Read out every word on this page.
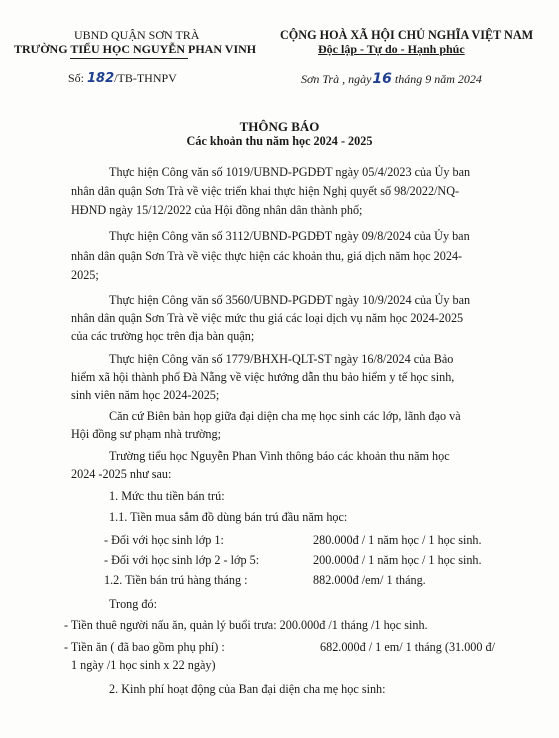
UBND QUẬN SƠN TRÀ
TRƯỜNG TIỂU HỌC NGUYỄN PHAN VINH
CỘNG HOÀ XÃ HỘI CHỦ NGHĨA VIỆT NAM
Độc lập - Tự do - Hạnh phúc
Số: 182/TB-THNPV	Sơn Trà , ngày16 tháng 9 năm 2024
THÔNG BÁO
Các khoản thu năm học 2024 - 2025
Thực hiện Công văn số 1019/UBND-PGDĐT ngày 05/4/2023 của Ủy ban
nhân dân quận Sơn Trà về việc triển khai thực hiện Nghị quyết số 98/2022/NQ-
HĐND ngày 15/12/2022 của Hội đồng nhân dân thành phố;
Thực hiện Công văn số 3112/UBND-PGDĐT ngày 09/8/2024 của Ủy ban
nhân dân quận Sơn Trà về việc thực hiện các khoản thu, giá dịch năm học 2024-
2025;
Thực hiện Công văn số 3560/UBND-PGDĐT ngày 10/9/2024 của Ủy ban
nhân dân quận Sơn Trà về việc mức thu giá các loại dịch vụ năm học 2024-2025
của các trường học trên địa bàn quận;
Thực hiện Công văn số 1779/BHXH-QLT-ST ngày 16/8/2024 của Bảo
hiểm xã hội thành phố Đà Nẵng về việc hướng dẫn thu bảo hiểm y tế học sinh,
sinh viên năm học 2024-2025;
Căn cứ Biên bản họp giữa đại diện cha mẹ học sinh các lớp, lãnh đạo và
Hội đồng sư phạm nhà trường;
Trường tiểu học Nguyễn Phan Vinh thông báo các khoản thu năm học
2024 -2025 như sau:
1. Mức thu tiền bán trú:
1.1. Tiền mua sắm đồ dùng bán trú đầu năm học:
- Đối với học sinh lớp 1:	280.000đ / 1 năm học / 1 học sinh.
- Đối với học sinh lớp 2 - lớp 5:	200.000đ / 1 năm học / 1 học sinh.
1.2. Tiền bán trú hàng tháng :	882.000đ /em/ 1 tháng.
Trong đó:
- Tiền thuê người nấu ăn, quản lý buổi trưa: 200.000đ /1 tháng /1 học sinh.
- Tiền ăn ( đã bao gồm phụ phí) :	682.000đ / 1 em/ 1 tháng (31.000 đ/
1 ngày /1 học sinh x 22 ngày)
2. Kinh phí hoạt động của Ban đại diện cha mẹ học sinh:
